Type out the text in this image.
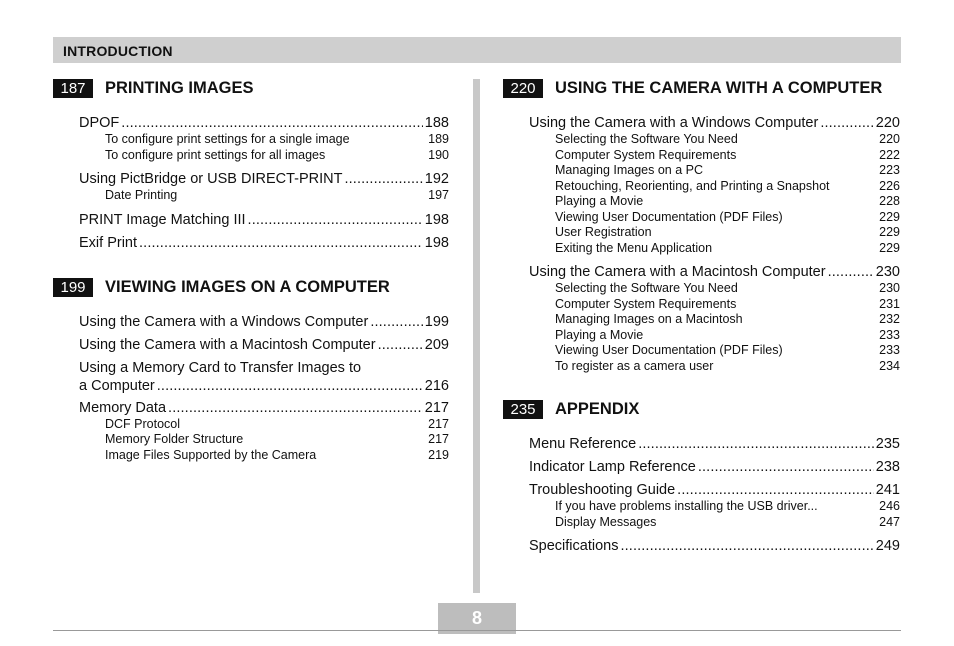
INTRODUCTION
187	PRINTING IMAGES
DPOF . . .	188
To configure print settings for a single image	189
To configure print settings for all images	190
Using PictBridge or USB DIRECT-PRINT . . .	192
Date Printing	197
PRINT Image Matching III . . .	198
Exif Print . . .	198
199	VIEWING IMAGES ON A COMPUTER
Using the Camera with a Windows Computer . . .	199
Using the Camera with a Macintosh Computer . . .	209
Using a Memory Card to Transfer Images to
a Computer . . .	216
Memory Data . . .	217
DCF Protocol	217
Memory Folder Structure	217
Image Files Supported by the Camera	219
220	USING THE CAMERA WITH A COMPUTER
Using the Camera with a Windows Computer . . .	220
Selecting the Software You Need	220
Computer System Requirements	222
Managing Images on a PC	223
Retouching, Reorienting, and Printing a Snapshot	226
Playing a Movie	228
Viewing User Documentation (PDF Files)	229
User Registration	229
Exiting the Menu Application	229
Using the Camera with a Macintosh Computer . . .	230
Selecting the Software You Need	230
Computer System Requirements	231
Managing Images on a Macintosh	232
Playing a Movie	233
Viewing User Documentation (PDF Files)	233
To register as a camera user	234
235	APPENDIX
Menu Reference . . .	235
Indicator Lamp Reference . . .	238
Troubleshooting Guide . . .	241
If you have problems installing the USB driver...	246
Display Messages	247
Specifications . . .	249
8
